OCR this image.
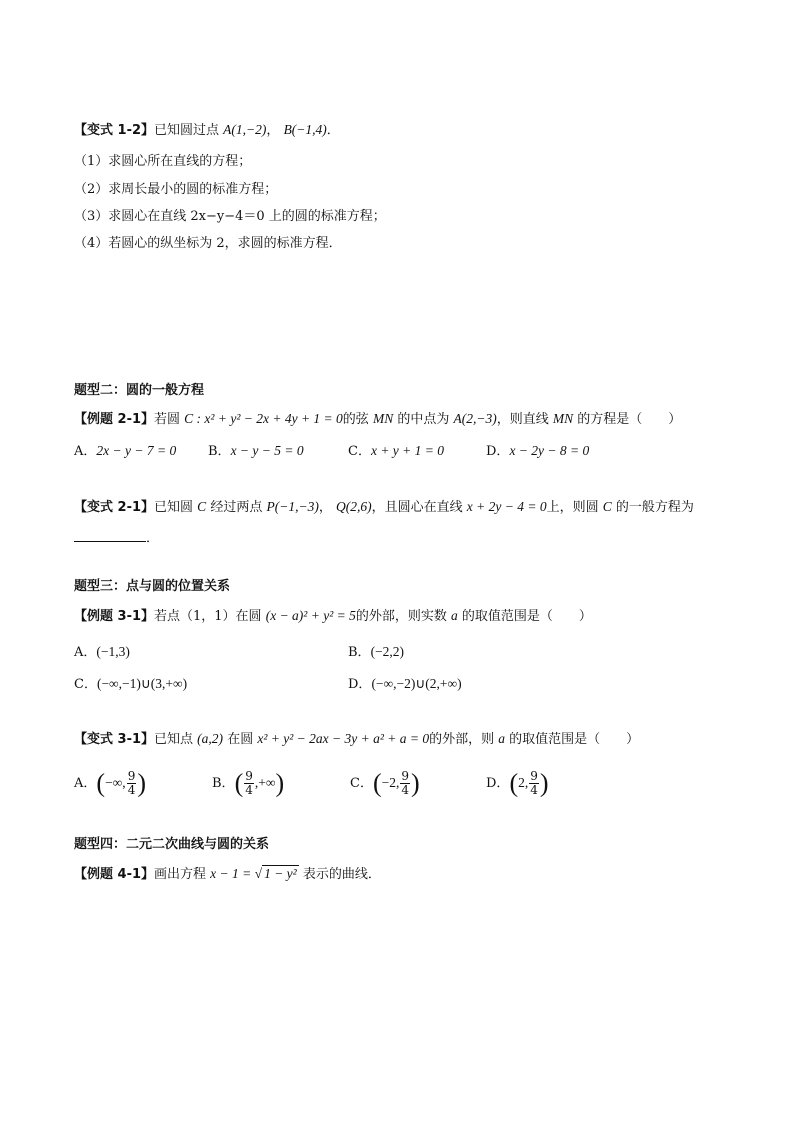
【变式 1-2】已知圆过点 A(1,−2)， B(−1,4)．
（1）求圆心所在直线的方程；
（2）求周长最小的圆的标准方程；
（3）求圆心在直线 2x−y−4＝0 上的圆的标准方程；
（4）若圆心的纵坐标为 2，求圆的标准方程．
题型二：圆的一般方程
【例题 2-1】若圆 C : x² + y² − 2x + 4y + 1 = 0的弦 MN 的中点为 A(2,−3)，则直线 MN 的方程是（　　）
A．2x − y − 7 = 0 B．x − y − 5 = 0	C．x + y + 1 = 0	D．x − 2y − 8 = 0
【变式 2-1】已知圆 C 经过两点 P(−1,−3)， Q(2,6)，且圆心在直线 x + 2y − 4 = 0上，则圆 C 的一般方程为
．
题型三：点与圆的位置关系
【例题 3-1】若点（1，1）在圆 (x − a)² + y² = 5的外部，则实数 a 的取值范围是（　　）
A．(−1,3)	B．(−2,2)
C．(−∞,−1)∪(3,+∞)	D．(−∞,−2)∪(2,+∞)
【变式 3-1】已知点 (a,2) 在圆 x² + y² − 2ax − 3y + a² + a = 0的外部，则 a 的取值范围是（　　）
A．(−∞, $\frac{9}{4}$ )	B．( $\frac{9}{4}$ ,+∞)	C．(−2, $\frac{9}{4}$ )	D．(2, $\frac{9}{4}$ )
题型四：二元二次曲线与圆的关系
【例题 4-1】画出方程 x − 1 = √ 1 − y² 表示的曲线．
